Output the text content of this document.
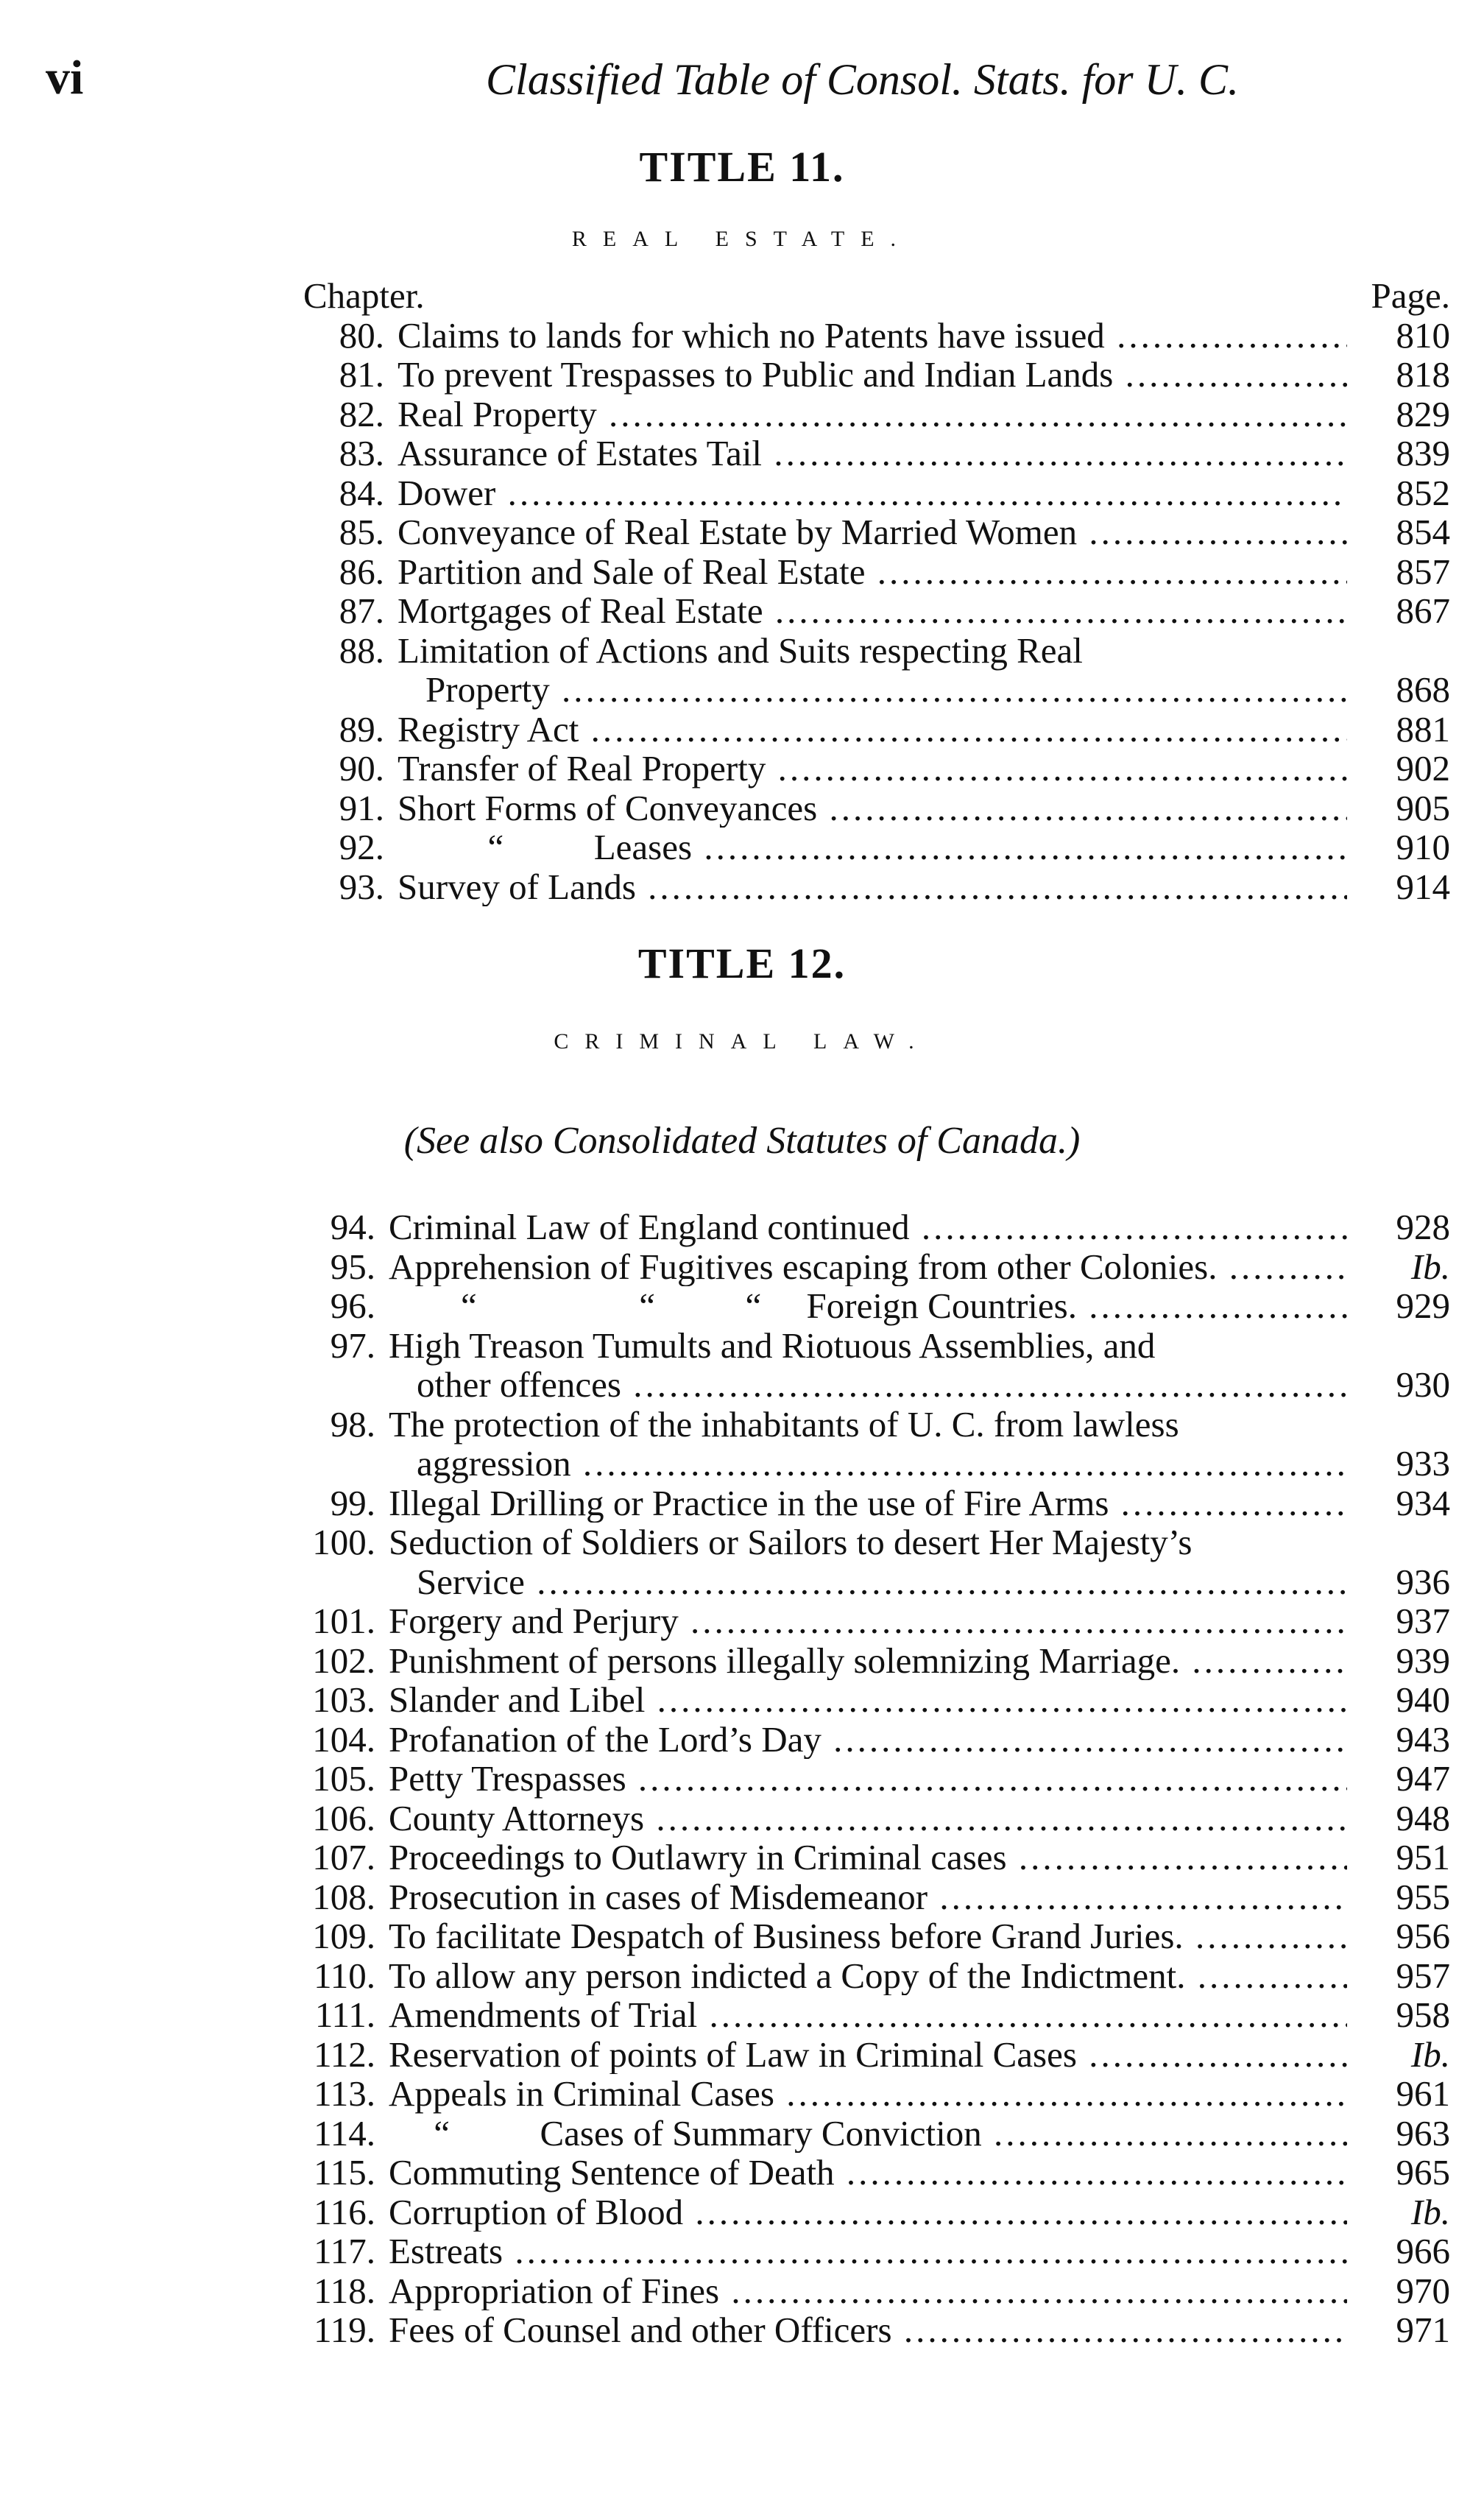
vi	Classified Table of Consol. Stats. for U. C.
TITLE 11.

REAL ESTATE.

Chapter.	Page.
80. Claims to lands for which no Patents have issued .....	810
81. To prevent Trespasses to Public and Indian Lands .....	818
82. Real Property .....	829
83. Assurance of Estates Tail .....	839
84. Dower .....	852
85. Conveyance of Real Estate by Married Women .....	854
86. Partition and Sale of Real Estate .....	857
87. Mortgages of Real Estate .....	867
88. Limitation of Actions and Suits respecting Real
Property .....	868
89. Registry Act .....	881
90. Transfer of Real Property .....	902
91. Short Forms of Conveyances .....	905
92. “          Leases .....	910
93. Survey of Lands .....	914
TITLE 12.

CRIMINAL LAW.

(See also Consolidated Statutes of Canada.)
94. Criminal Law of England continued .....	928
95. Apprehension of Fugitives escaping from other Colonies. .....	Ib.
96. “                  “          “     Foreign Countries. .....	929
97. High Treason Tumults and Riotuous Assemblies, and
other offences .....	930
98. The protection of the inhabitants of U. C. from lawless
aggression .....	933
99. Illegal Drilling or Practice in the use of Fire Arms .....	934
100. Seduction of Soldiers or Sailors to desert Her Majesty’s
Service .....	936
101. Forgery and Perjury .....	937
102. Punishment of persons illegally solemnizing Marriage. .....	939
103. Slander and Libel .....	940
104. Profanation of the Lord’s Day .....	943
105. Petty Trespasses .....	947
106. County Attorneys .....	948
107. Proceedings to Outlawry in Criminal cases .....	951
108. Prosecution in cases of Misdemeanor .....	955
109. To facilitate Despatch of Business before Grand Juries. .....	956
110. To allow any person indicted a Copy of the Indictment. .....	957
111. Amendments of Trial .....	958
112. Reservation of points of Law in Criminal Cases .....	Ib.
113. Appeals in Criminal Cases .....	961
114. “          Cases of Summary Conviction .....	963
115. Commuting Sentence of Death .....	965
116. Corruption of Blood .....	Ib.
117. Estreats .....	966
118. Appropriation of Fines .....	970
119. Fees of Counsel and other Officers .....	971
